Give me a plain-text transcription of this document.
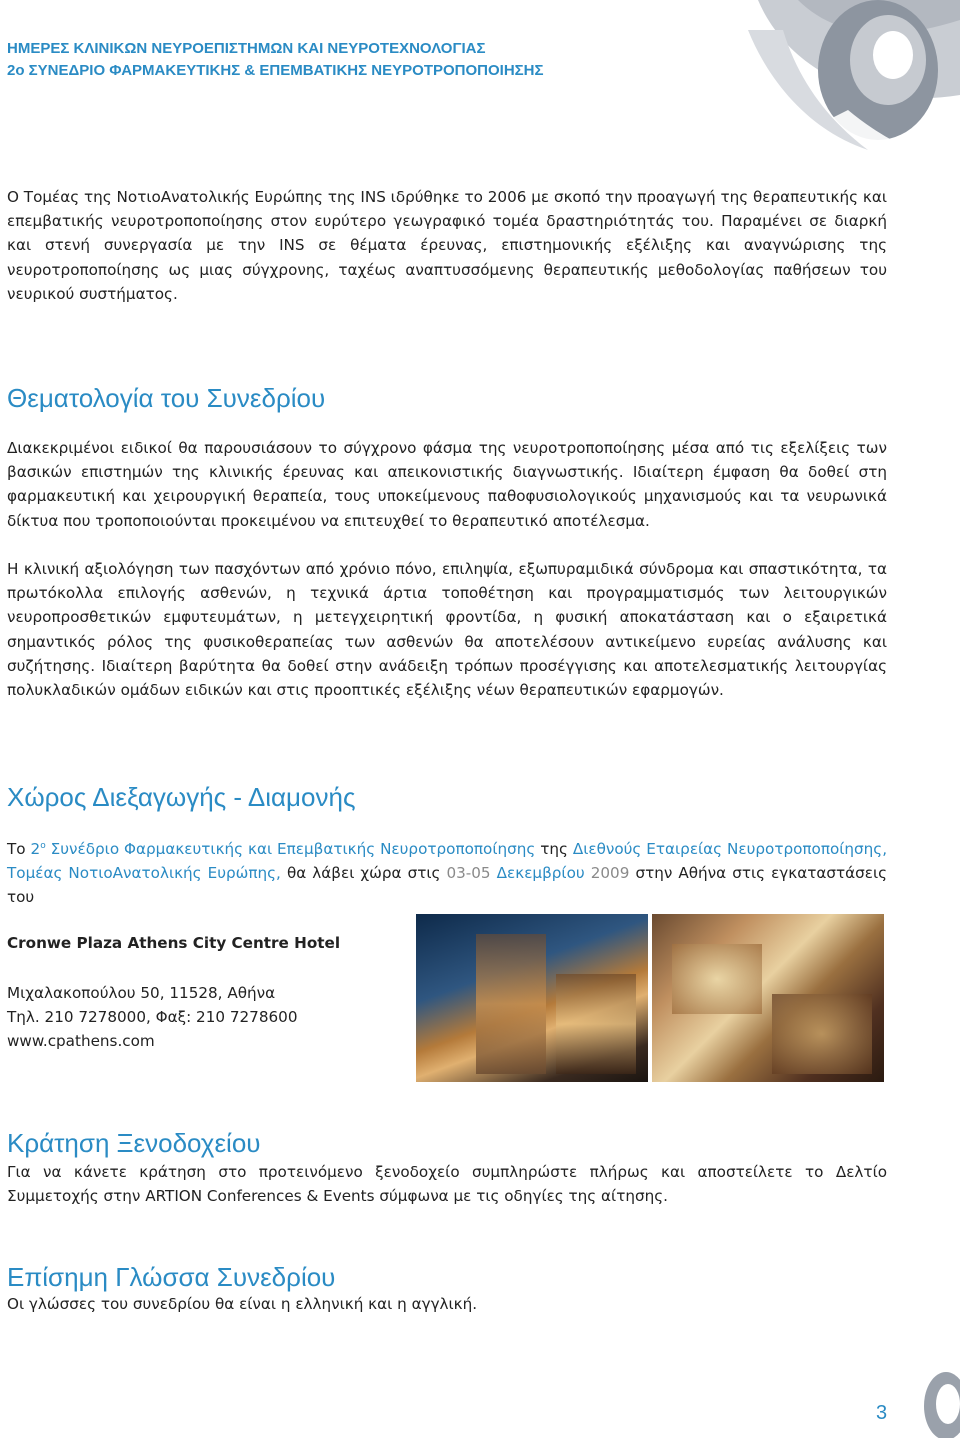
ΗΜΕΡΕΣ ΚΛΙΝΙΚΩΝ ΝΕΥΡΟΕΠΙΣΤΗΜΩΝ ΚΑΙ ΝΕΥΡΟΤΕΧΝΟΛΟΓΙΑΣ
2ο ΣΥΝΕΔΡΙΟ ΦΑΡΜΑΚΕΥΤΙΚΗΣ & ΕΠΕΜΒΑΤΙΚΗΣ ΝΕΥΡΟΤΡΟΠΟΠΟΙΗΣΗΣ
Ο Τομέας της ΝοτιοΑνατολικής Ευρώπης της INS ιδρύθηκε το 2006 με σκοπό την προαγωγή της θεραπευτικής και επεμβατικής νευροτροποποίησης στον ευρύτερο γεωγραφικό τομέα δραστηριότητάς του. Παραμένει σε διαρκή και στενή συνεργασία με την INS σε θέματα έρευνας, επιστημονικής εξέλιξης και αναγνώρισης της νευροτροποποίησης ως μιας σύγχρονης, ταχέως αναπτυσσόμενης θεραπευτικής μεθοδολογίας παθήσεων του νευρικού συστήματος.
Θεματολογία του Συνεδρίου
Διακεκριμένοι ειδικοί θα παρουσιάσουν το σύγχρονο φάσμα της νευροτροποποίησης μέσα από τις εξελίξεις των βασικών επιστημών της κλινικής έρευνας και απεικονιστικής διαγνωστικής. Ιδιαίτερη έμφαση θα δοθεί στη φαρμακευτική και χειρουργική θεραπεία, τους υποκείμενους παθοφυσιολογικούς μηχανισμούς και τα νευρωνικά δίκτυα που τροποποιούνται προκειμένου να επιτευχθεί το θεραπευτικό αποτέλεσμα.
Η κλινική αξιολόγηση των πασχόντων από χρόνιο πόνο, επιληψία, εξωπυραμιδικά σύνδρομα και σπαστικότητα, τα πρωτόκολλα επιλογής ασθενών, η τεχνικά άρτια τοποθέτηση και προγραμματισμός των λειτουργικών νευροπροσθετικών εμφυτευμάτων, η μετεγχειρητική φροντίδα, η φυσική αποκατάσταση και ο εξαιρετικά σημαντικός ρόλος της φυσικοθεραπείας των ασθενών θα αποτελέσουν αντικείμενο ευρείας ανάλυσης και συζήτησης. Ιδιαίτερη βαρύτητα θα δοθεί στην ανάδειξη τρόπων προσέγγισης και αποτελεσματικής λειτουργίας πολυκλαδικών ομάδων ειδικών και στις προοπτικές εξέλιξης νέων θεραπευτικών εφαρμογών.
Χώρος Διεξαγωγής - Διαμονής
Το $2^o$ Συνέδριο Φαρμακευτικής και Επεμβατικής Νευροτροποποίησης της Διεθνούς Εταιρείας Νευροτροποποίησης, Τομέας ΝοτιοΑνατολικής Ευρώπης, θα λάβει χώρα στις 03-05 Δεκεμβρίου 2009 στην Αθήνα στις εγκαταστάσεις του
Cronwe Plaza Athens City Centre Hotel
Μιχαλακοπούλου 50, 11528, Αθήνα
Τηλ. 210 7278000, Φαξ: 210 7278600
www.cpathens.com
Κράτηση Ξενοδοχείου
Για να κάνετε κράτηση στο προτεινόμενο ξενοδοχείο συμπληρώστε πλήρως και αποστείλετε το Δελτίο Συμμετοχής στην ARTION Conferences & Events σύμφωνα με τις οδηγίες της αίτησης.
Επίσημη Γλώσσα Συνεδρίου
Οι γλώσσες του συνεδρίου θα είναι η ελληνική και η αγγλική.
3
